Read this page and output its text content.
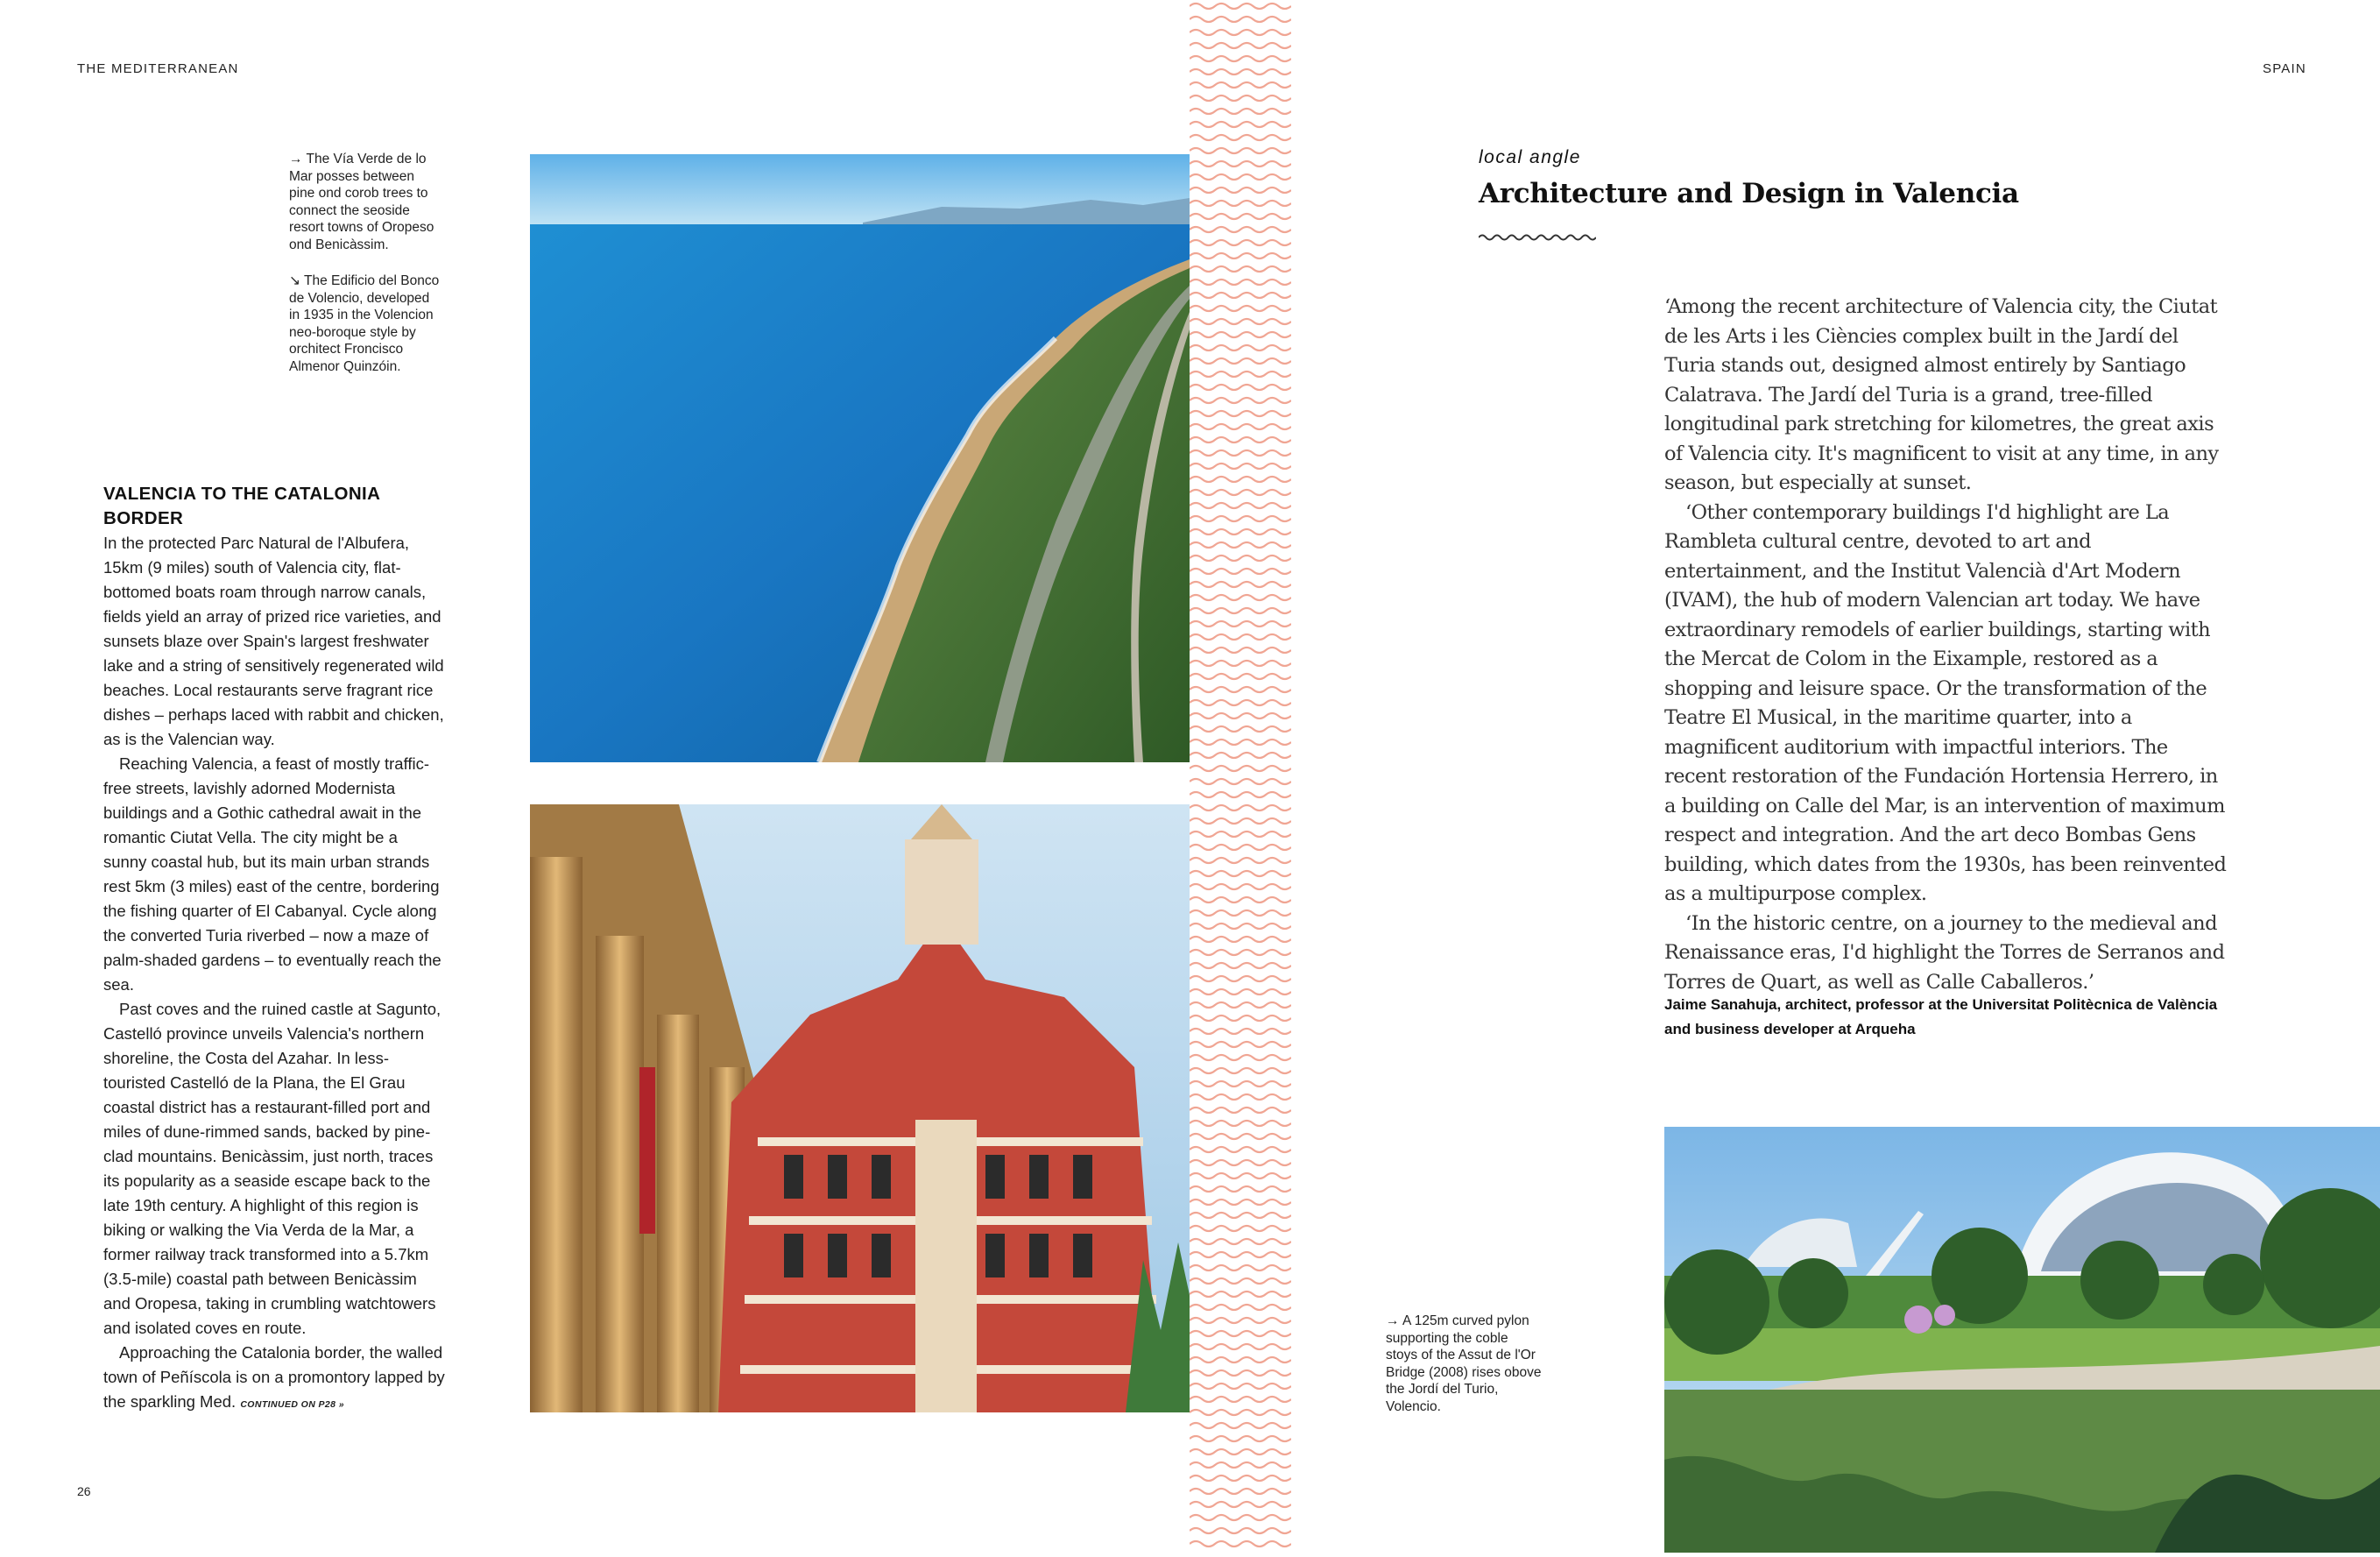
THE MEDITERRANEAN	SPAIN

→ The Vía Verde de lo Mar posses between pine ond corob trees to connect the seoside resort towns of Oropeso ond Benicàssim.

↘ The Edificio del Bonco de Volencio, developed in 1935 in the Volencion neo-boroque style by orchitect Froncisco Almenor Quinzóin.

VALENCIA TO THE CATALONIA BORDER

In the protected Parc Natural de l'Albufera, 15km (9 miles) south of Valencia city, flat-bottomed boats roam through narrow canals, fields yield an array of prized rice varieties, and sunsets blaze over Spain's largest freshwater lake and a string of sensitively regenerated wild beaches. Local restaurants serve fragrant rice dishes – perhaps laced with rabbit and chicken, as is the Valencian way.

Reaching Valencia, a feast of mostly traffic-free streets, lavishly adorned Modernista buildings and a Gothic cathedral await in the romantic Ciutat Vella. The city might be a sunny coastal hub, but its main urban strands rest 5km (3 miles) east of the centre, bordering the fishing quarter of El Cabanyal. Cycle along the converted Turia riverbed – now a maze of palm-shaded gardens – to eventually reach the sea.

Past coves and the ruined castle at Sagunto, Castelló province unveils Valencia's northern shoreline, the Costa del Azahar. In less-touristed Castelló de la Plana, the El Grau coastal district has a restaurant-filled port and miles of dune-rimmed sands, backed by pine-clad mountains. Benicàssim, just north, traces its popularity as a seaside escape back to the late 19th century. A highlight of this region is biking or walking the Via Verda de la Mar, a former railway track transformed into a 5.7km (3.5-mile) coastal path between Benicàssim and Oropesa, taking in crumbling watchtowers and isolated coves en route.

Approaching the Catalonia border, the walled town of Peñíscola is on a promontory lapped by the sparkling Med. CONTINUED ON P28 »

local angle
Architecture and Design in Valencia

‘Among the recent architecture of Valencia city, the Ciutat de les Arts i les Ciències complex built in the Jardí del Turia stands out, designed almost entirely by Santiago Calatrava. The Jardí del Turia is a grand, tree-filled longitudinal park stretching for kilometres, the great axis of Valencia city. It's magnificent to visit at any time, in any season, but especially at sunset.

‘Other contemporary buildings I'd highlight are La Rambleta cultural centre, devoted to art and entertainment, and the Institut Valencià d'Art Modern (IVAM), the hub of modern Valencian art today. We have extraordinary remodels of earlier buildings, starting with the Mercat de Colom in the Eixample, restored as a shopping and leisure space. Or the transformation of the Teatre El Musical, in the maritime quarter, into a magnificent auditorium with impactful interiors. The recent restoration of the Fundación Hortensia Herrero, in a building on Calle del Mar, is an intervention of maximum respect and integration. And the art deco Bombas Gens building, which dates from the 1930s, has been reinvented as a multipurpose complex.

‘In the historic centre, on a journey to the medieval and Renaissance eras, I'd highlight the Torres de Serranos and Torres de Quart, as well as Calle Caballeros.’

Jaime Sanahuja, architect, professor at the Universitat Politècnica de València and business developer at Arqueha
→ A 125m curved pylon supporting the coble stoys of the Assut de l'Or Bridge (2008) rises obove the Jordí del Turio, Volencio.
26
